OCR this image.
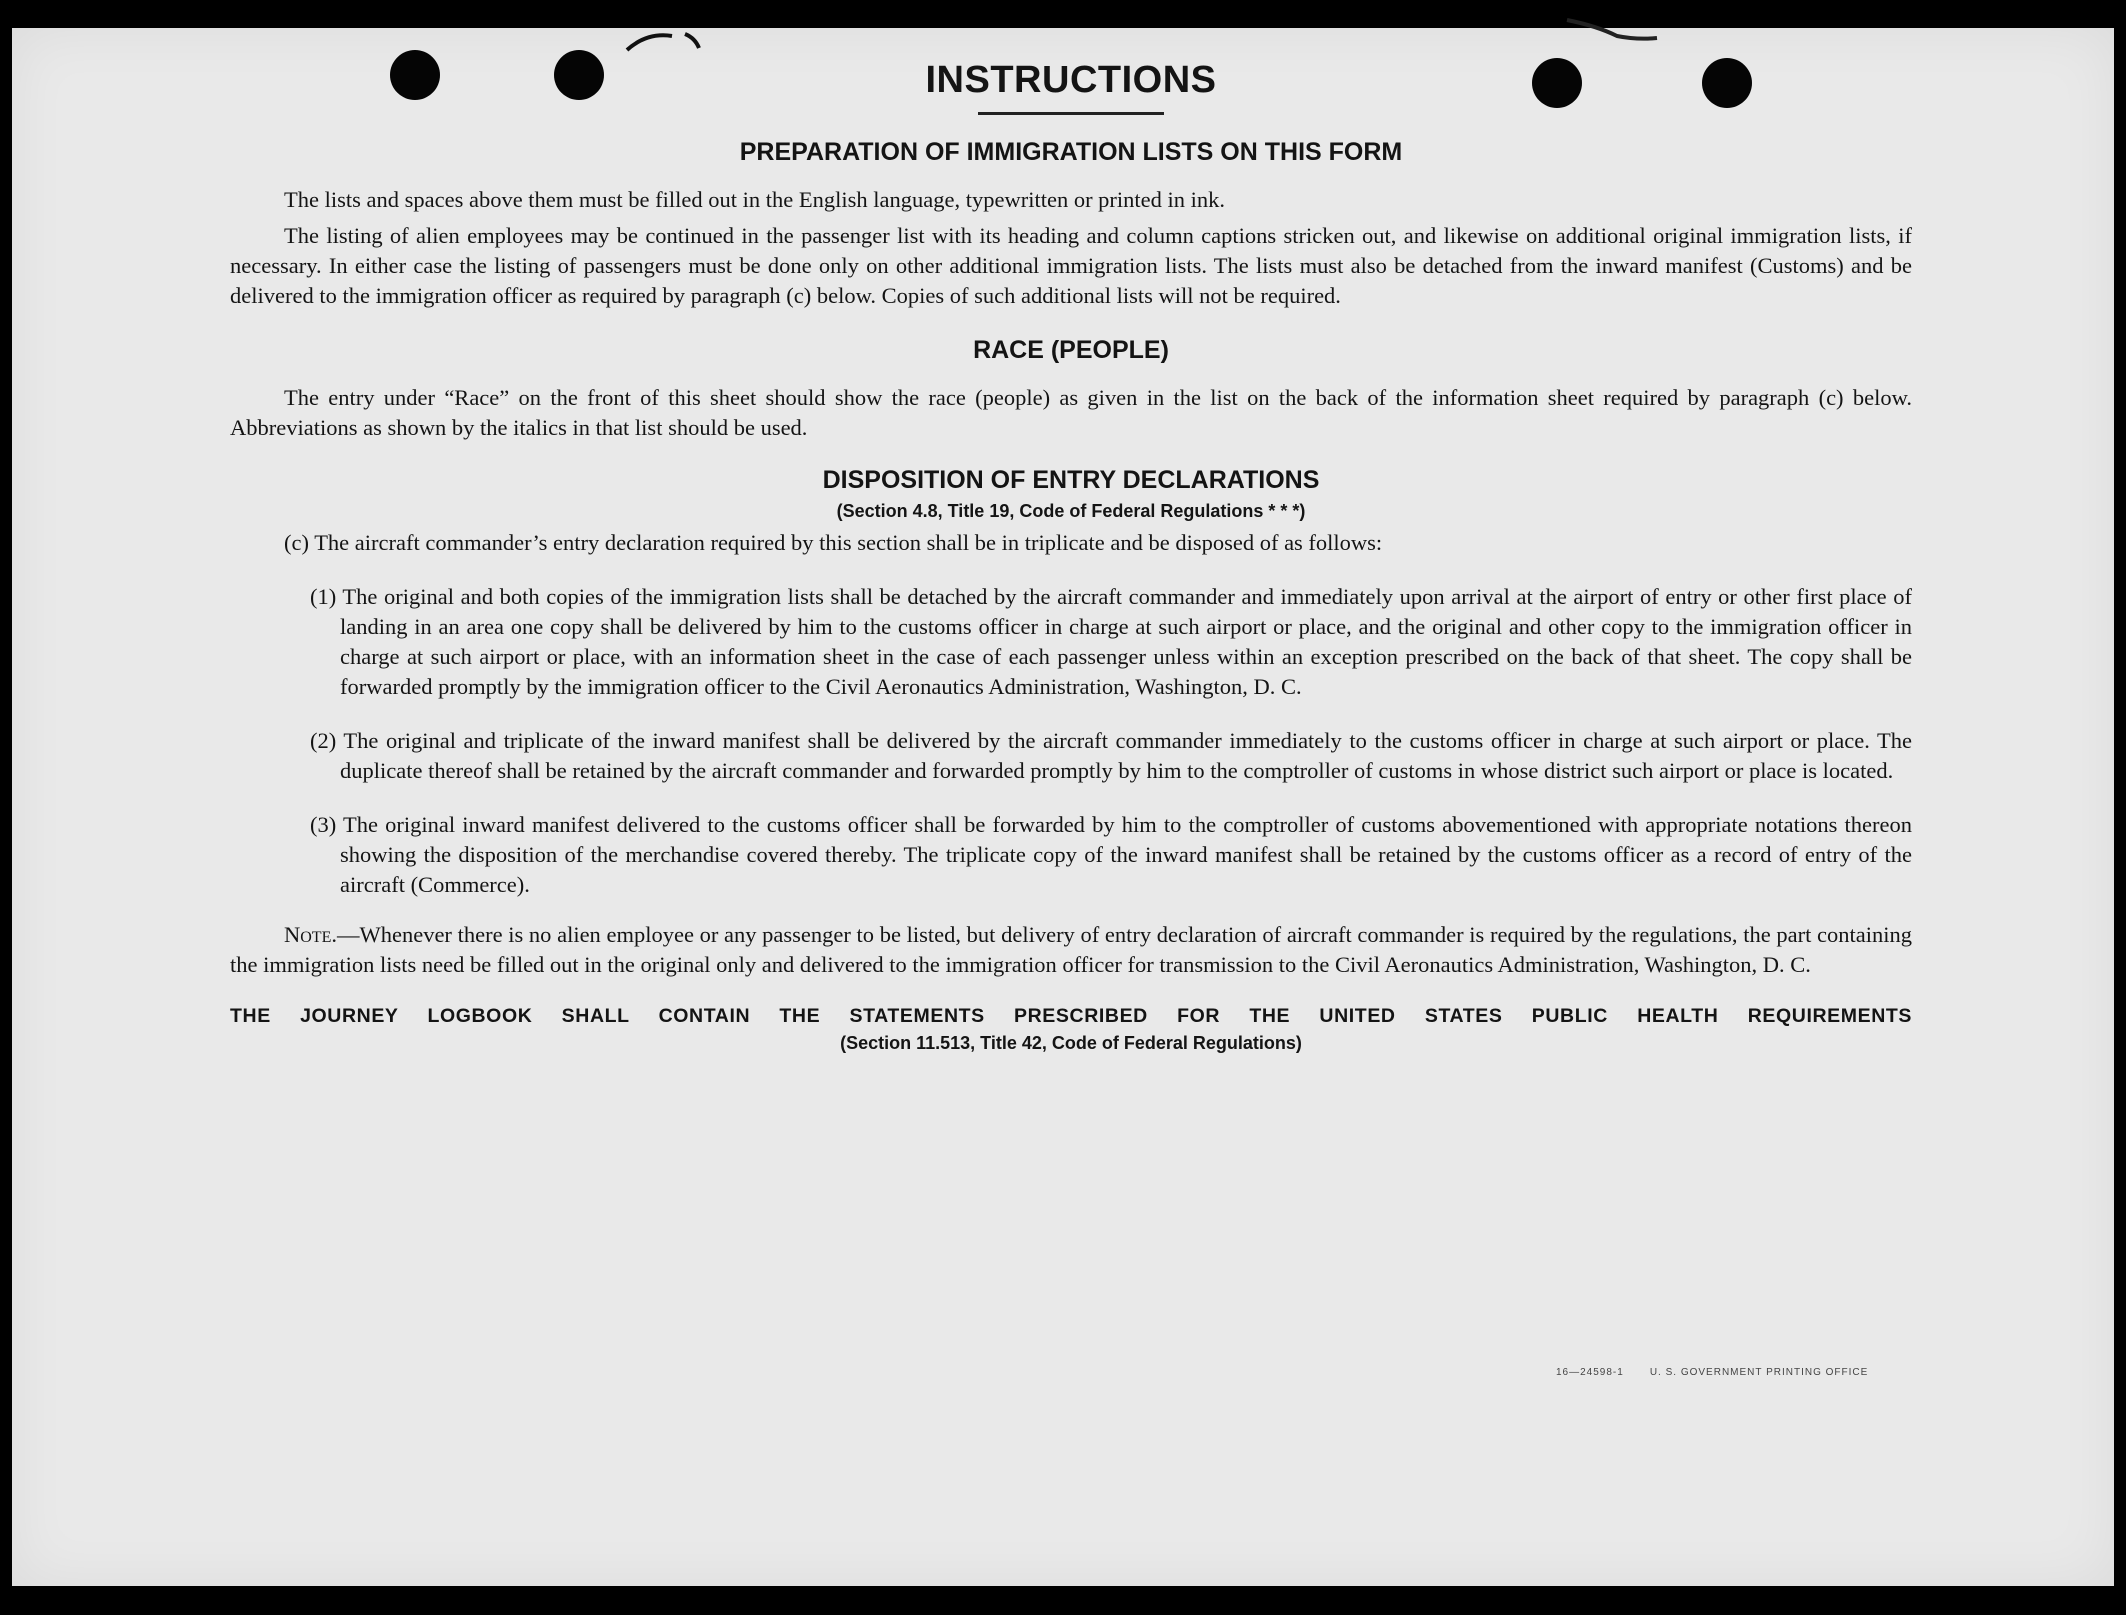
16—24598-1	U. S. GOVERNMENT PRINTING OFFICE
INSTRUCTIONS
PREPARATION OF IMMIGRATION LISTS ON THIS FORM

The lists and spaces above them must be filled out in the English language, typewritten or printed in ink.

The listing of alien employees may be continued in the passenger list with its heading and column captions stricken out, and likewise on additional original immigration lists, if necessary. In either case the listing of passengers must be done only on other additional immigration lists. The lists must also be detached from the inward manifest (Customs) and be delivered to the immigration officer as required by paragraph (c) below. Copies of such additional lists will not be required.

RACE (PEOPLE)

The entry under “Race” on the front of this sheet should show the race (people) as given in the list on the back of the information sheet required by paragraph (c) below. Abbreviations as shown by the italics in that list should be used.

DISPOSITION OF ENTRY DECLARATIONS
(Section 4.8, Title 19, Code of Federal Regulations * * *)

(c) The aircraft commander’s entry declaration required by this section shall be in triplicate and be disposed of as follows:

(1) The original and both copies of the immigration lists shall be detached by the aircraft commander and immediately upon arrival at the airport of entry or other first place of landing in an area one copy shall be delivered by him to the customs officer in charge at such airport or place, and the original and other copy to the immigration officer in charge at such airport or place, with an information sheet in the case of each passenger unless within an exception prescribed on the back of that sheet. The copy shall be forwarded promptly by the immigration officer to the Civil Aeronautics Administration, Washington, D. C.

(2) The original and triplicate of the inward manifest shall be delivered by the aircraft commander immediately to the customs officer in charge at such airport or place. The duplicate thereof shall be retained by the aircraft commander and forwarded promptly by him to the comptroller of customs in whose district such airport or place is located.

(3) The original inward manifest delivered to the customs officer shall be forwarded by him to the comptroller of customs abovementioned with appropriate notations thereon showing the disposition of the merchandise covered thereby. The triplicate copy of the inward manifest shall be retained by the customs officer as a record of entry of the aircraft (Commerce).

Note.—Whenever there is no alien employee or any passenger to be listed, but delivery of entry declaration of aircraft commander is required by the regulations, the part containing the immigration lists need be filled out in the original only and delivered to the immigration officer for transmission to the Civil Aeronautics Administration, Washington, D. C.

THE JOURNEY LOGBOOK SHALL CONTAIN THE STATEMENTS PRESCRIBED FOR THE UNITED STATES PUBLIC HEALTH REQUIREMENTS

(Section 11.513, Title 42, Code of Federal Regulations)
